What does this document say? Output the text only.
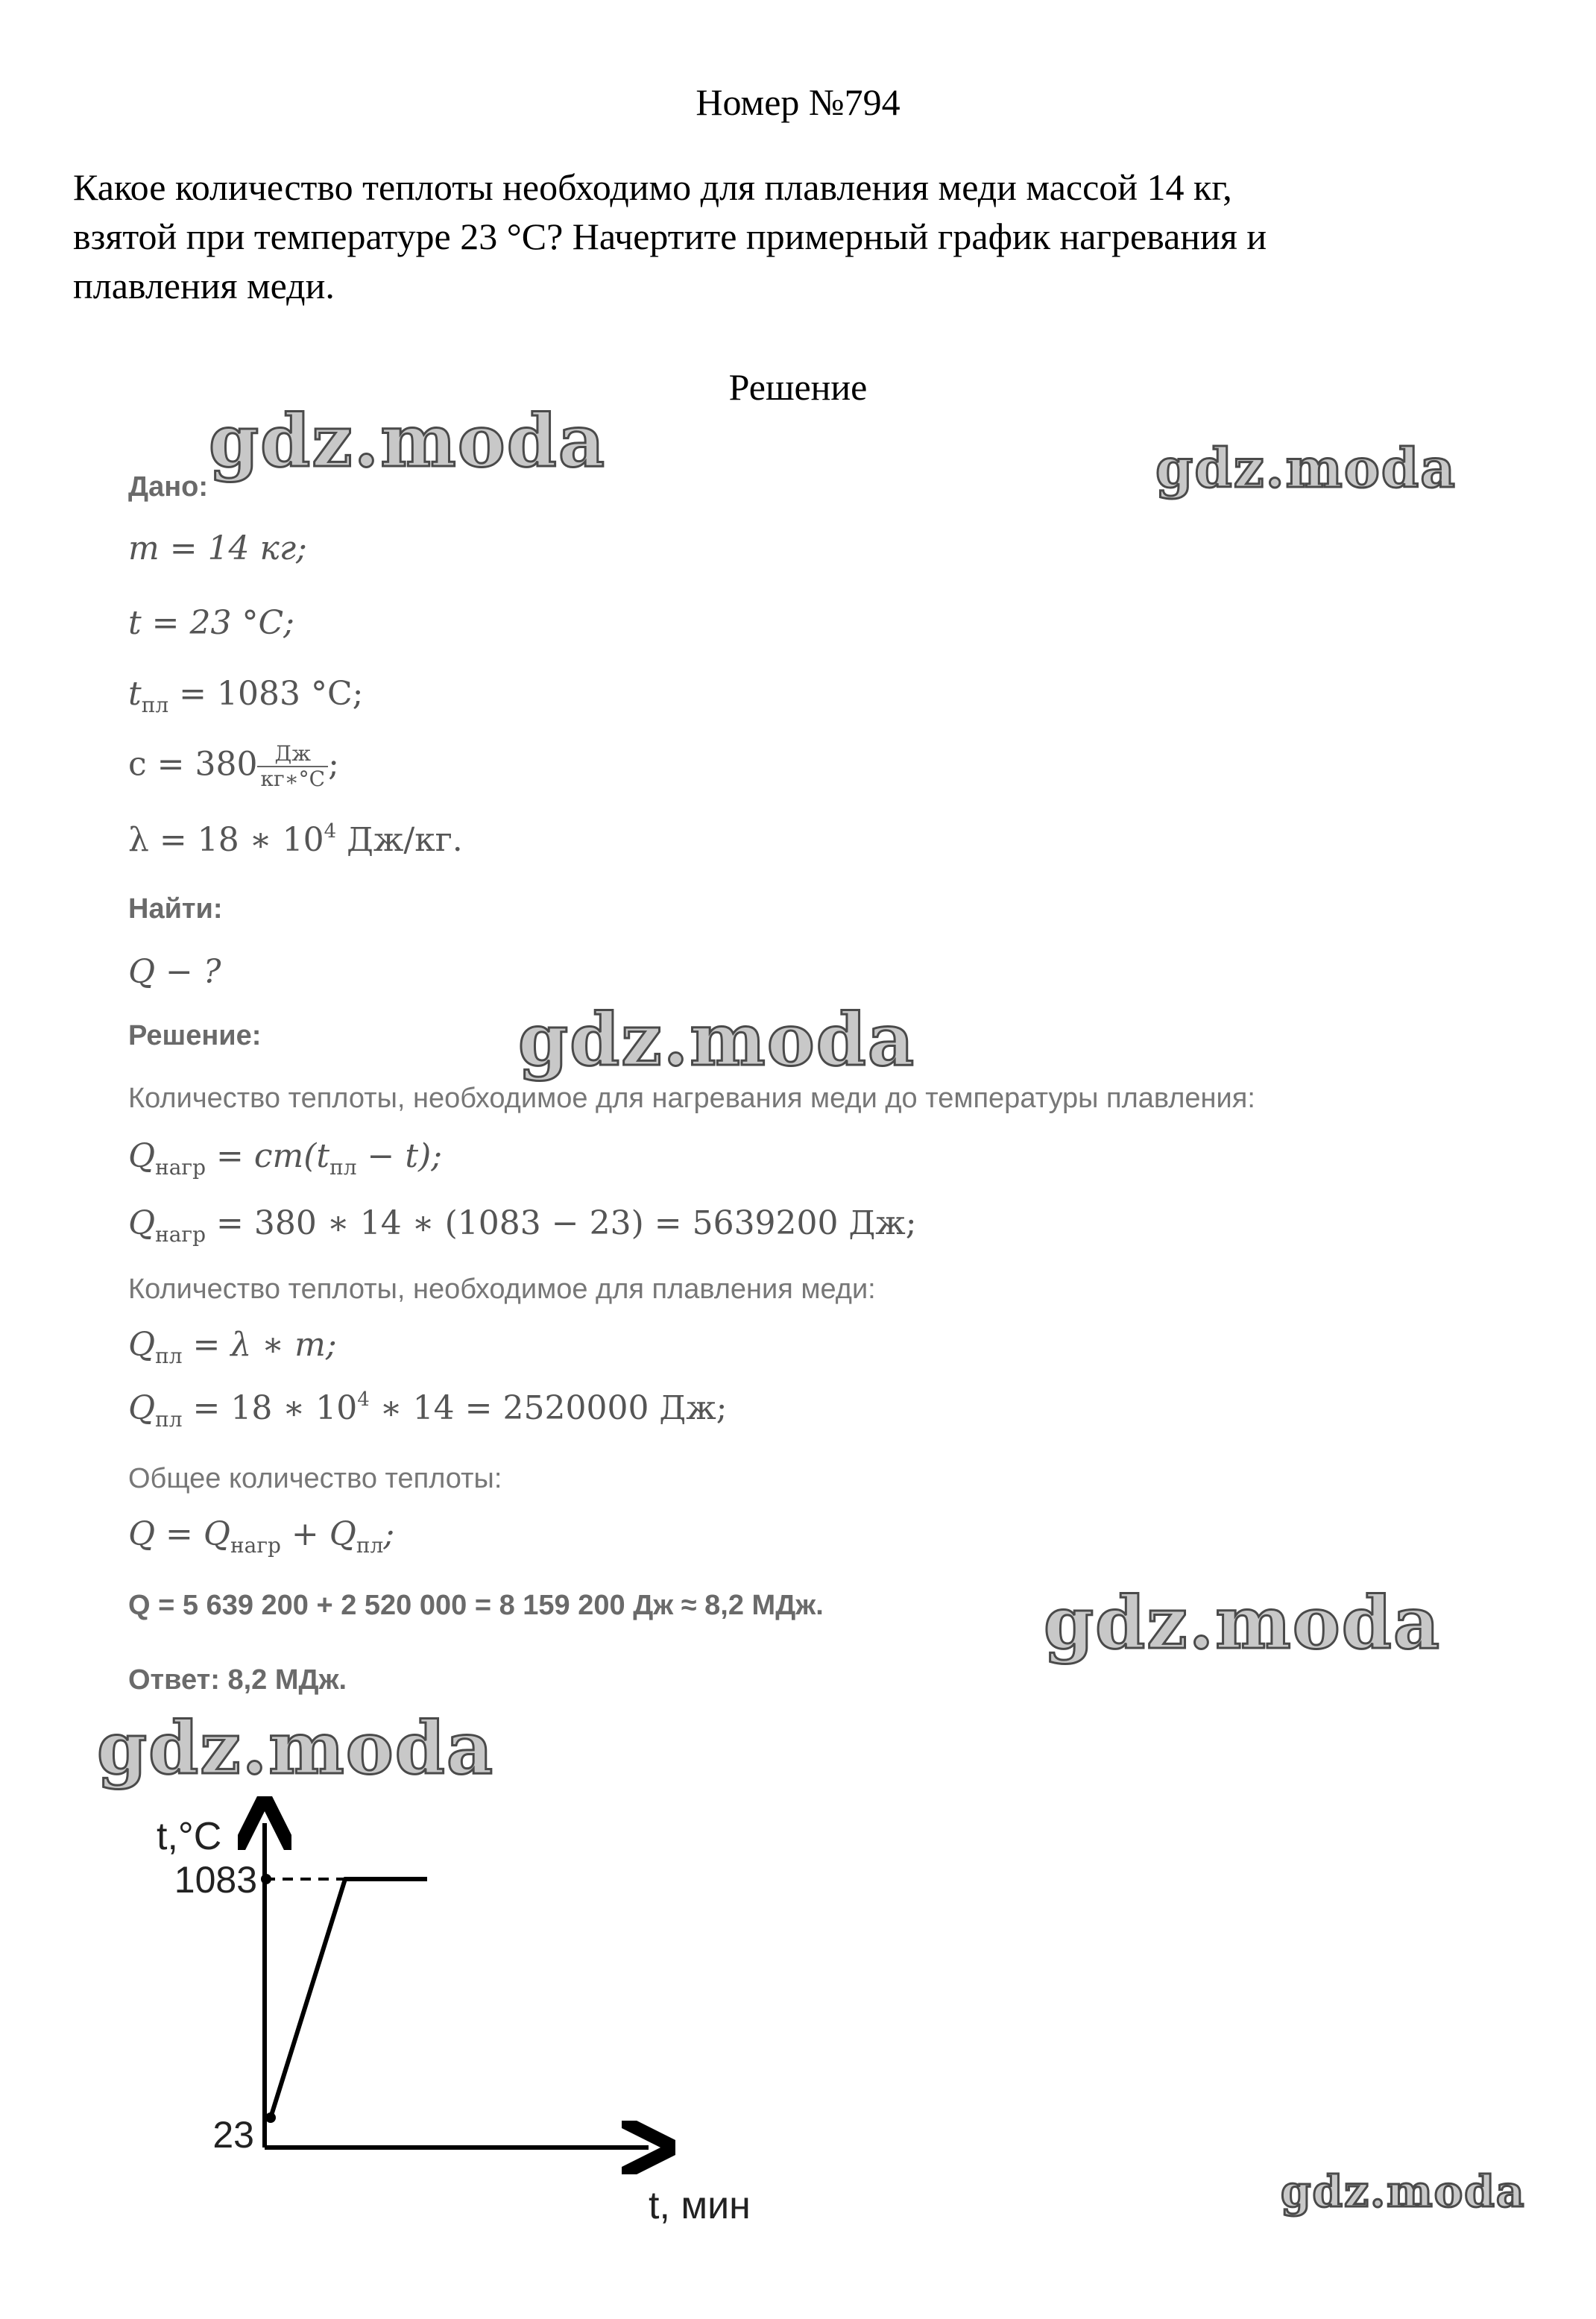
Номер №794
Какое количество теплоты необходимо для плавления меди массой 14 кг,
взятой при температуре 23 °C? Начертите примерный график нагревания и
плавления меди.
Решение
Дано:
m = 14 кг;
t = 23 °C;
$t_{пл} = 1083$ °C;
$c = 380 \frac{Дж}{кг∗^\circ C}$ ;
λ = 18 ∗ $10^4$ Дж/кг.
Найти:
Q − ?
Решение:
Количество теплоты, необходимое для нагревания меди до температуры плавления:
$Q_{нагр} = cm(t_{пл} - t)$;
$Q_{нагр} = 380$ ∗ 14 ∗ (1083 − 23) = 5639200 Дж;
Количество теплоты, необходимое для плавления меди:
$Q_{пл} = \lambda$ ∗ m;
$Q_{пл} = 18$ ∗ $10^4$ ∗ 14 = 2520000 Дж;
Общее количество теплоты:
$Q = Q_{нагр} + Q_{пл}$;
Q = 5 639 200 + 2 520 000 = 8 159 200 Дж ≈ 8,2 МДж.
Ответ: 8,2 МДж.
1083
23
t,°C
t, мин
gdz.moda	gdz.moda
gdz.moda
gdz.moda
gdz.moda
gdz.moda
